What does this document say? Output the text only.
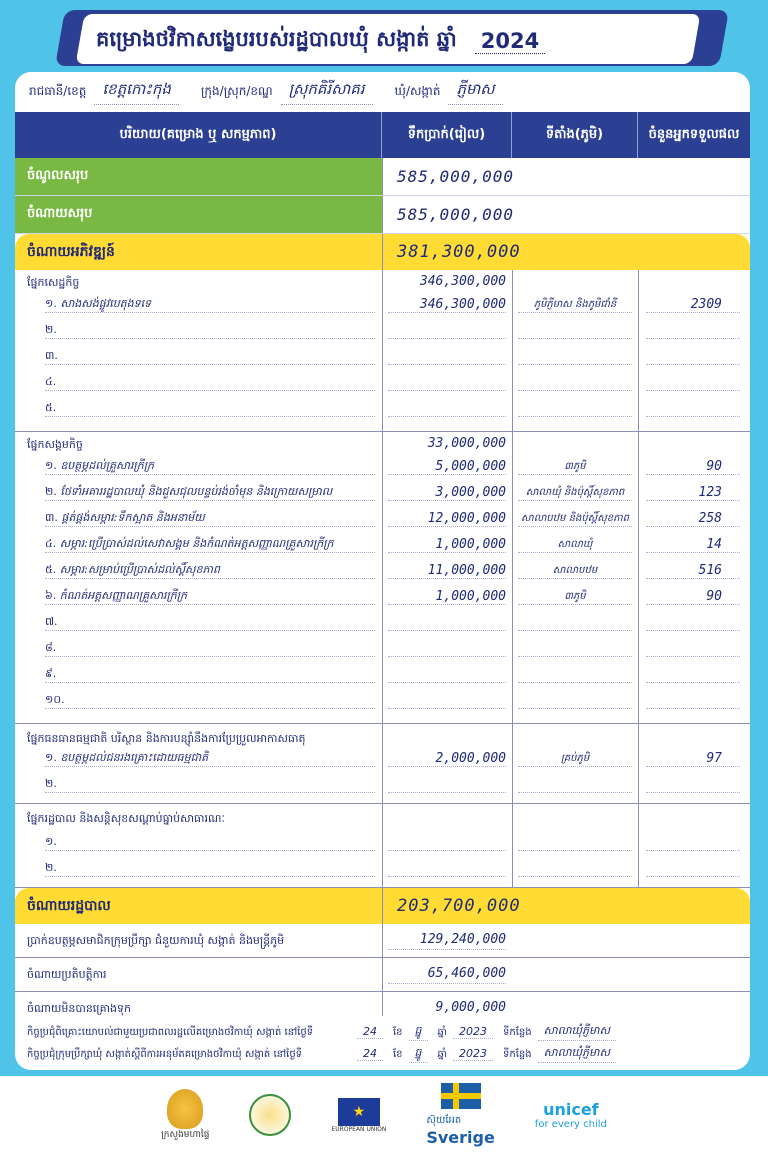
គម្រោងថវិកាសង្ខេបរបស់រដ្ឋបាលឃុំ សង្កាត់ ឆ្នាំ 2024
រាជធានី/ខេត្ត	ខេត្តកោះកុង	ក្រុង/ស្រុក/ខណ្ឌ	ស្រុកគិរីសាគរ	ឃុំ/សង្កាត់	ភ្ញីមាស
បរិយាយ(គម្រោង ឬ សកម្មភាព)	ទឹកប្រាក់(រៀល)	ទីតាំង(ភូមិ)	ចំនួនអ្នកទទួលផល
ចំណូលសរុប	585,000,000
ចំណាយសរុប	585,000,000
ចំណាយអភិវឌ្ឍន៍	381,300,000
ផ្នែកសេដ្ឋកិច្ច	346,300,000
១. សាងសង់ផ្លូវបេតុងទទេ	346,300,000	ភូមិភ្ញីមាស និងភូមិជាំនី	2309
២.
៣.
៤.
៥.
ផ្នែកសង្គមកិច្ច	33,000,000
១. ឧបត្ថម្ភដល់គ្រួសារក្រីក្រ	5,000,000	៣ភូមិ	90
២. ថែទាំអគាររដ្ឋបាលឃុំ និងជួសជុលបន្ទប់រង់ចាំមុន និងក្រោយសម្រាល	3,000,000	សាលាឃុំ និងប៉ុស្តិ៍សុខភាព	123
៣. ផ្គត់ផ្គង់សម្ភារ:ទឹកស្អាត និងអនាម័យ	12,000,000	សាលាបឋម និងប៉ុស្តិ៍សុខភាព	258
៤. សម្ភារ:ប្រើប្រាស់ដល់សេវាសង្គម និងកំណត់អត្តសញ្ញាណគ្រួសារក្រីក្រ	1,000,000	សាលាឃុំ	14
៥. សម្ភារ:សម្រាប់ប្រើប្រាស់ដល់ស្តិ៍សុខភាព	11,000,000	សាលាបឋម	516
៦. កំណត់អត្តសញ្ញាណគ្រួសារក្រីក្រ	1,000,000	៣ភូមិ	90
៧.
៨.
៩.
១០.
ផ្នែកធនធានធម្មជាតិ បរិស្ថាន និងការបន្ស៊ាំនឹងការប្រែប្រួលអាកាសធាតុ
១. ឧបត្ថម្ភដល់ជនរងគ្រោះដោយធម្មជាតិ	2,000,000	គ្រប់ភូមិ	97
២.
ផ្នែករដ្ឋបាល និងសន្តិសុខសណ្តាប់ធ្នាប់សាធារណៈ
១.
២.
ចំណាយរដ្ឋបាល	203,700,000
ប្រាក់ឧបត្ថម្ភសមាជិកក្រុមប្រឹក្សា ជំនួយការឃុំ សង្កាត់ និងមន្ត្រីភូមិ	129,240,000
ចំណាយប្រតិបត្តិការ	65,460,000
ចំណាយមិនបានគ្រោងទុក	9,000,000
កិច្ចប្រជុំពិគ្រោះយោបល់ជាមួយប្រជាពលរដ្ឋលើគម្រោងថវិកាឃុំ សង្កាត់ នៅថ្ងៃទី	24	ខែ	ធ្នូ	ឆ្នាំ	2023	ទីកន្លែង	សាលាឃុំភ្ញីមាស
កិច្ចប្រជុំក្រុមប្រឹក្សាឃុំ សង្កាត់ស្ដីពីការអនុម័តគម្រោងថវិកាឃុំ សង្កាត់ នៅថ្ងៃទី	24	ខែ	ធ្នូ	ឆ្នាំ	2023	ទីកន្លែង	សាលាឃុំភ្ញីមាស
ក្រសួងមហាផ្ទៃ
★
EUROPEAN UNION
ស៊ុយអែត
Sverige
unicef
for every child
